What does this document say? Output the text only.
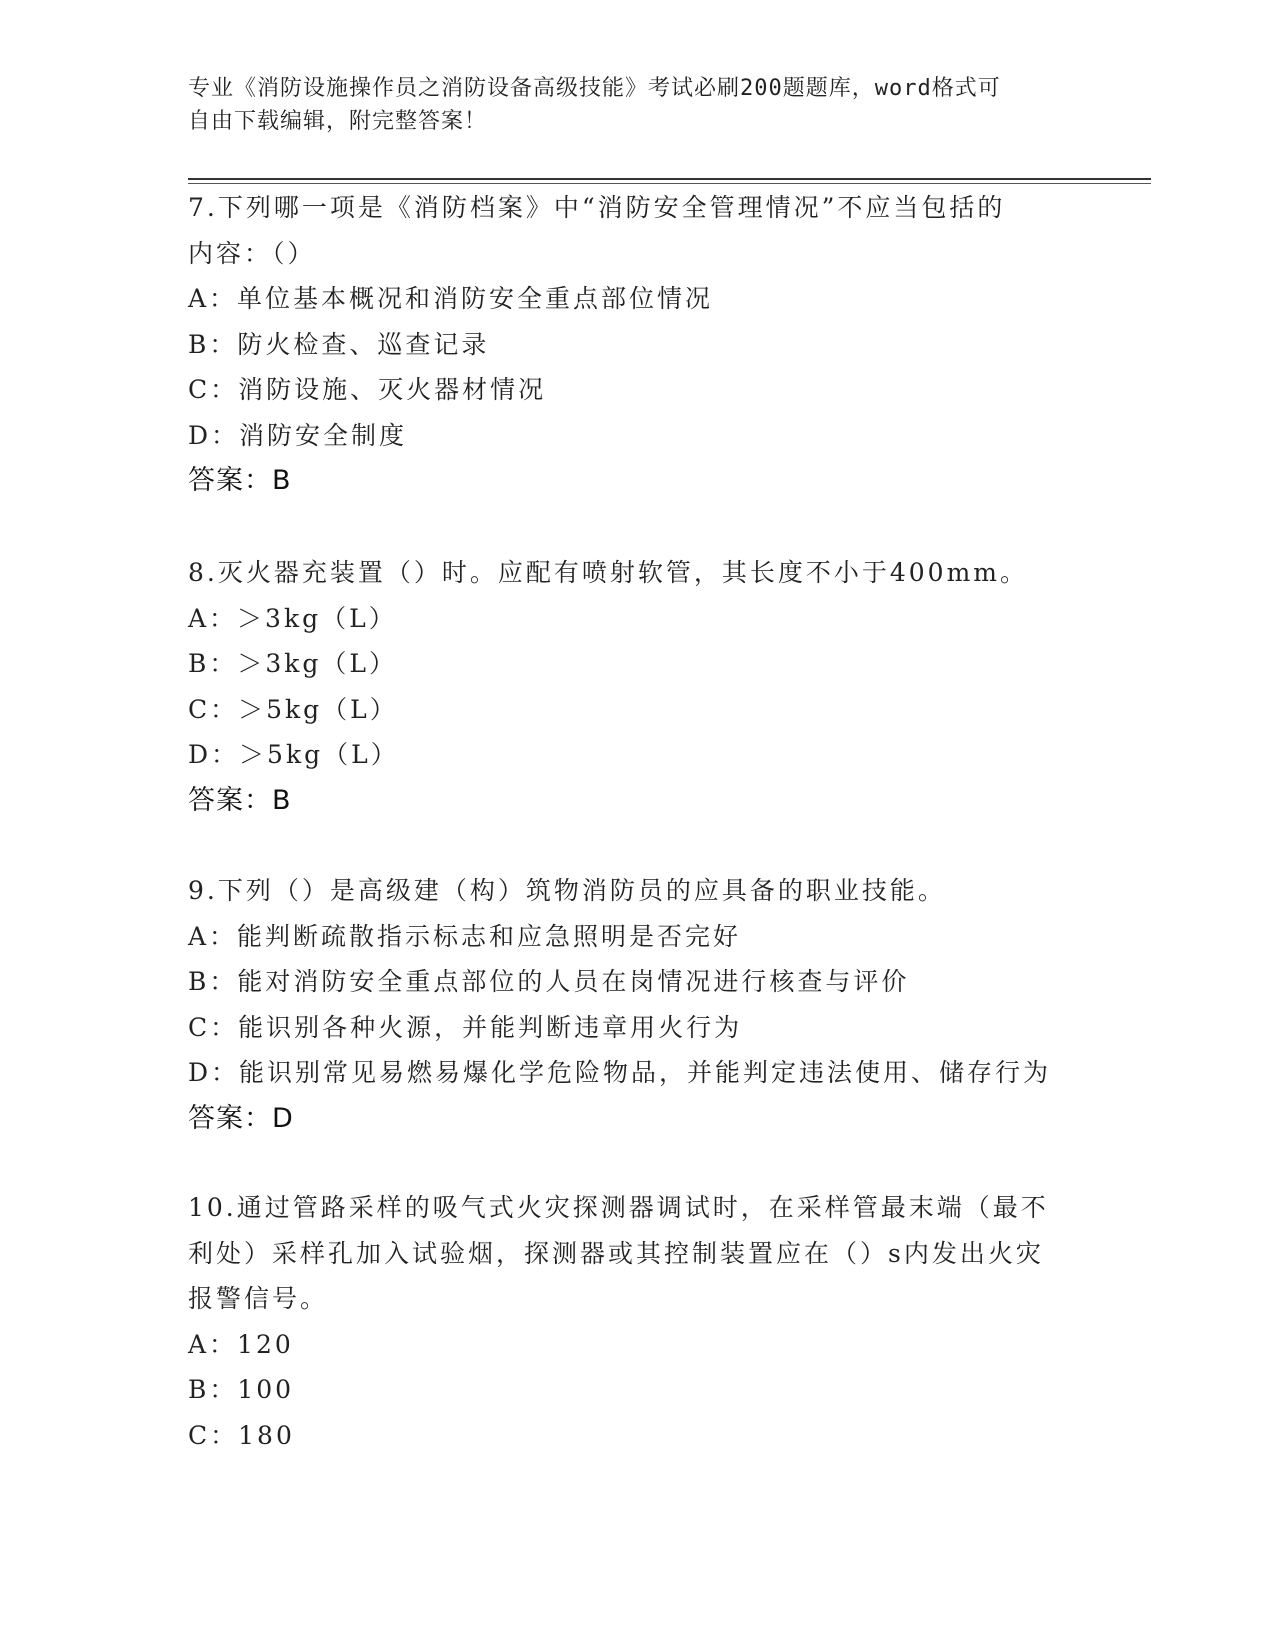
专业《消防设施操作员之消防设备高级技能》考试必刷200题题库，word格式可
自由下载编辑，附完整答案！
7.下列哪一项是《消防档案》中“消防安全管理情况”不应当包括的
内容：（）
A：单位基本概况和消防安全重点部位情况
B：防火检查、巡查记录
C：消防设施、灭火器材情况
D：消防安全制度
答案：B
8.灭火器充装置（）时。应配有喷射软管，其长度不小于400mm。
A：＞3kg（L）
B：＞3kg（L）
C：＞5kg（L）
D：＞5kg（L）
答案：B
9.下列（）是高级建（构）筑物消防员的应具备的职业技能。
A：能判断疏散指示标志和应急照明是否完好
B：能对消防安全重点部位的人员在岗情况进行核查与评价
C：能识别各种火源，并能判断违章用火行为
D：能识别常见易燃易爆化学危险物品，并能判定违法使用、储存行为
答案：D
10.通过管路采样的吸气式火灾探测器调试时，在采样管最末端（最不
利处）采样孔加入试验烟，探测器或其控制装置应在（）s内发出火灾
报警信号。
A：120
B：100
C：180
